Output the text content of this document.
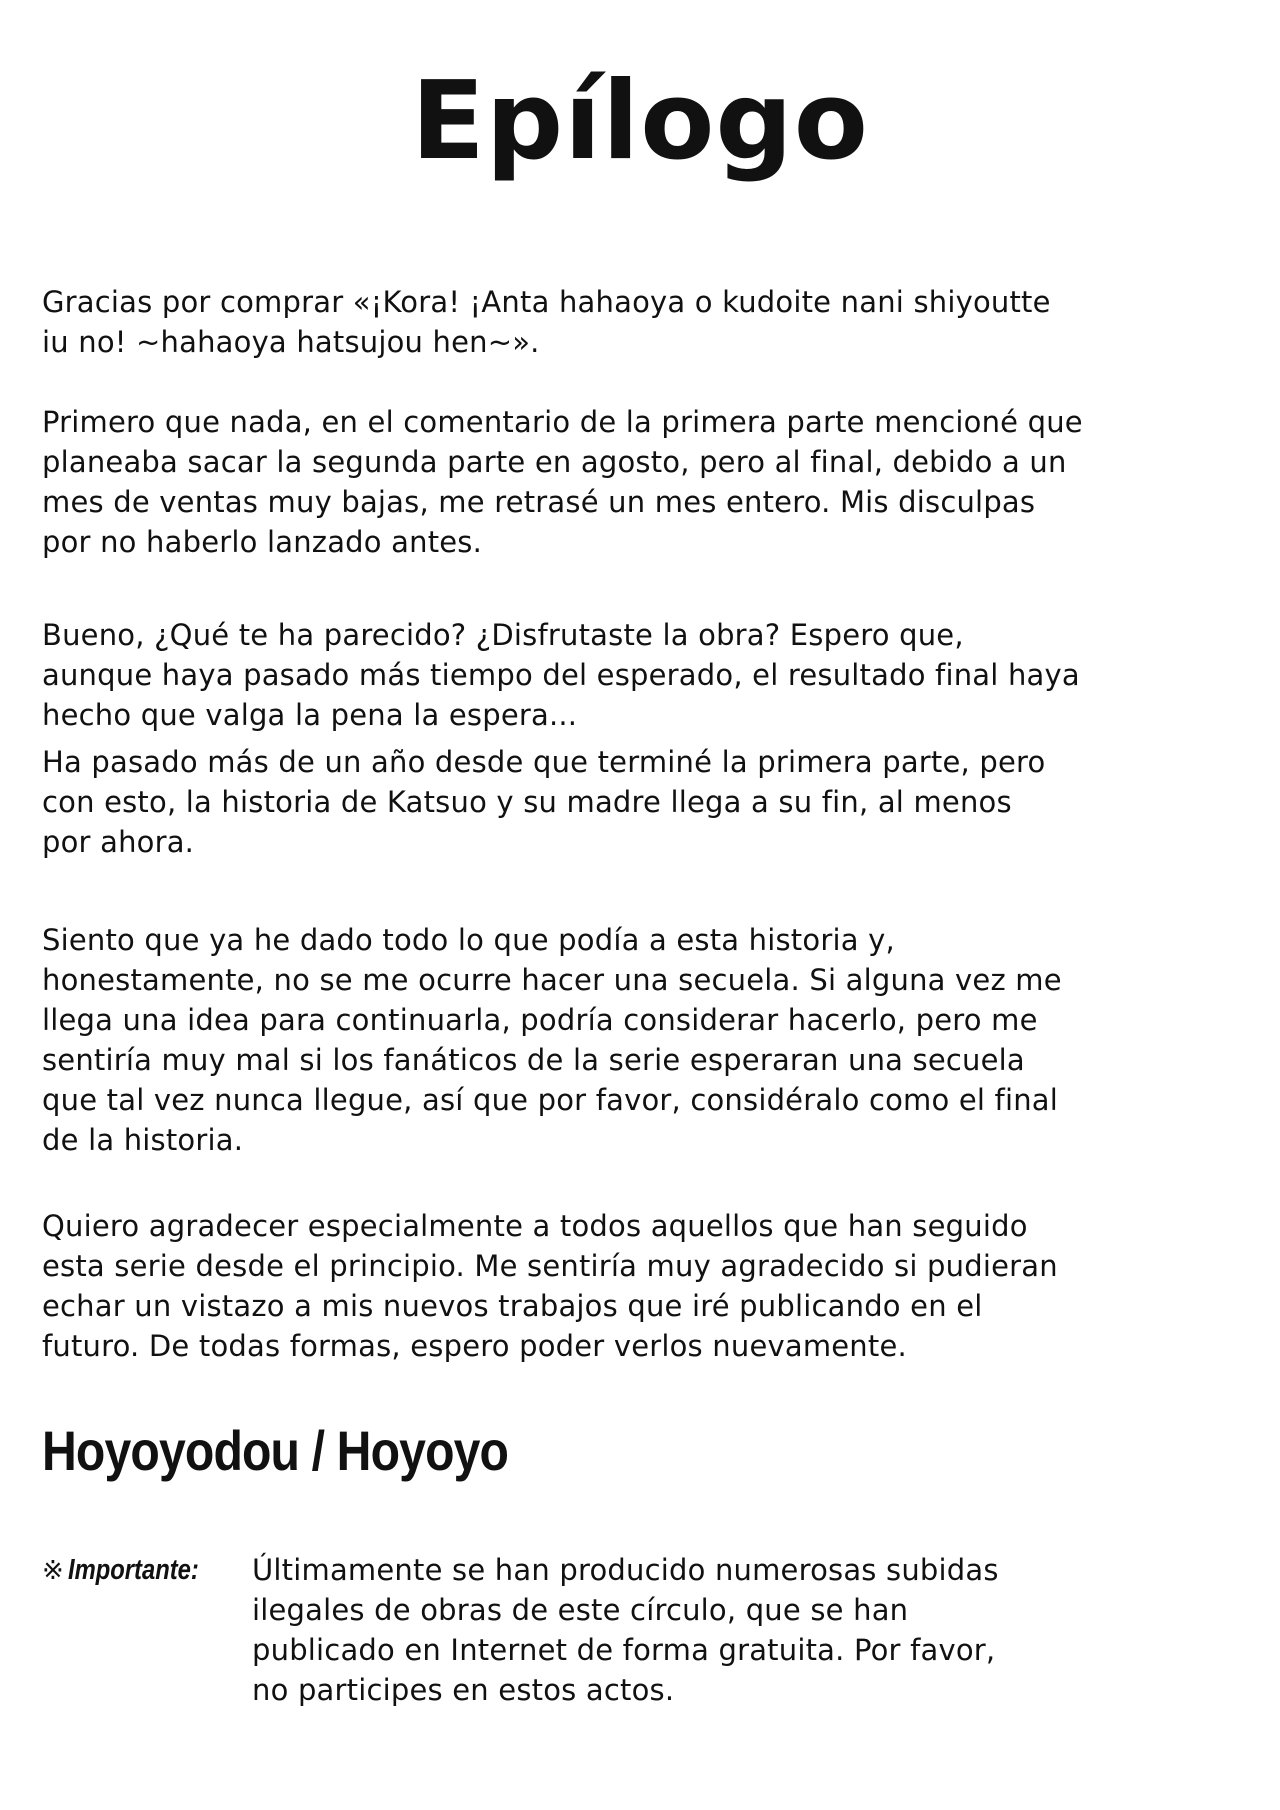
Epílogo

Gracias por comprar «¡Kora! ¡Anta hahaoya o kudoite nani shiyoutte
iu no! ~hahaoya hatsujou hen~».

Primero que nada, en el comentario de la primera parte mencioné que
planeaba sacar la segunda parte en agosto, pero al final, debido a un
mes de ventas muy bajas, me retrasé un mes entero. Mis disculpas
por no haberlo lanzado antes.

Bueno, ¿Qué te ha parecido? ¿Disfrutaste la obra? Espero que,
aunque haya pasado más tiempo del esperado, el resultado final haya
hecho que valga la pena la espera...

Ha pasado más de un año desde que terminé la primera parte, pero
con esto, la historia de Katsuo y su madre llega a su fin, al menos
por ahora.

Siento que ya he dado todo lo que podía a esta historia y,
honestamente, no se me ocurre hacer una secuela. Si alguna vez me
llega una idea para continuarla, podría considerar hacerlo, pero me
sentiría muy mal si los fanáticos de la serie esperaran una secuela
que tal vez nunca llegue, así que por favor, considéralo como el final
de la historia.

Quiero agradecer especialmente a todos aquellos que han seguido
esta serie desde el principio. Me sentiría muy agradecido si pudieran
echar un vistazo a mis nuevos trabajos que iré publicando en el
futuro. De todas formas, espero poder verlos nuevamente.

Hoyoyodou / Hoyoyo
※ Importante:	Últimamente se han producido numerosas subidas
ilegales de obras de este círculo, que se han
publicado en Internet de forma gratuita. Por favor,
no participes en estos actos.
